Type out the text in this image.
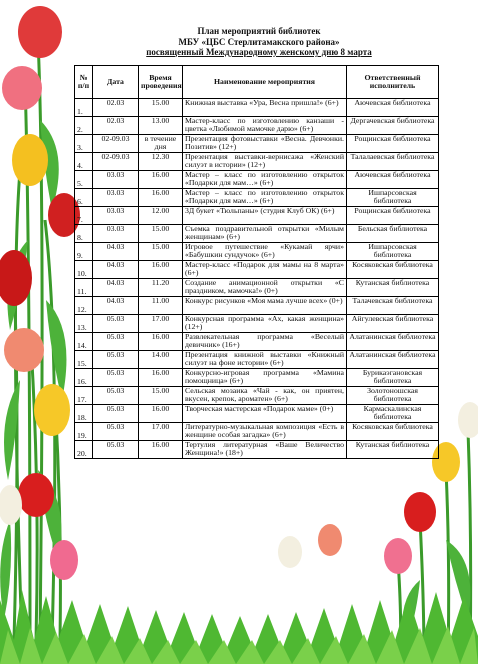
План мероприятий библиотек
МБУ «ЦБС Стерлитамакского района»
посвященный Международному женскому дню 8 марта
№ п/п	Дата	Время проведения	Наименование мероприятия	Ответственный исполнитель
1.	02.03	15.00	Книжная выставка «Ура, Весна пришла!» (6+)	Аючевская библиотека
2.	02.03	13.00	Мастер-класс по изготовлению канзаши - цветка «Любимой мамочке дарю» (6+)	Дергачевская библиотека
3.	02-09.03	в течение дня	Презентация фотовыставки «Весна. Девчонки. Позитив» (12+)	Рощинская библиотека
4.	02-09.03	12.30	Презентация выставки-вернисажа «Женский силуэт в истории» (12+)	Талалаевская библиотека
5.	03.03	16.00	Мастер – класс по изготовлению открыток «Подарки для мам…» (6+)	Аючевская библиотека
6.	03.03	16.00	Мастер – класс по изготовлению открыток «Подарки для мам…» (6+)	Ишпарсовская библиотека
7.	03.03	12.00	3Д букет «Тюльпаны» (студия Клуб ОК) (6+)	Рощинская библиотека
8.	03.03	15.00	Съемка поздравительной открытки «Милым женщинам» (6+)	Бельская библиотека
9.	04.03	15.00	Игровое путешествие «Кукамай ярчи» «Бабушкин сундучок» (6+)	Ишпарсовская библиотека
10.	04.03	16.00	Мастер-класс «Подарок для мамы на 8 марта» (6+)	Косяковская библиотека
11.	04.03	11.20	Создание анимационной открытки «С праздником, мамочка!» (0+)	Кутанская библиотека
12.	04.03	11.00	Конкурс рисунков «Моя мама лучше всех» (0+)	Талачевская библиотека
13.	05.03	17.00	Конкурсная программа «Ах, какая женщина» (12+)	Айгулевская библиотека
14.	05.03	16.00	Развлекательная программа «Веселый девичник» (16+)	Алатанинская библиотека
15.	05.03	14.00	Презентация книжной выставки «Книжный силуэт на фоне истории» (6+)	Алатанинская библиотека
16.	05.03	16.00	Конкурсно-игровая программа «Мамина помощница» (6+)	Бурикаэгановская библиотека
17.	05.03	15.00	Сельская мозаика «Чай - как, он приятен, вкусен, крепок, ароматен» (6+)	Золотоношская библиотека
18.	05.03	16.00	Творческая мастерская «Подарок маме» (0+)	Кармаскалинская библиотека
19.	05.03	17.00	Литературно-музыкальная композиция «Есть в женщине особая загадка» (6+)	Косяковская библиотека
20.	05.03	16.00	Тертулия литературная «Ваше Величество Женщина!» (18+)	Кутанская библиотека
